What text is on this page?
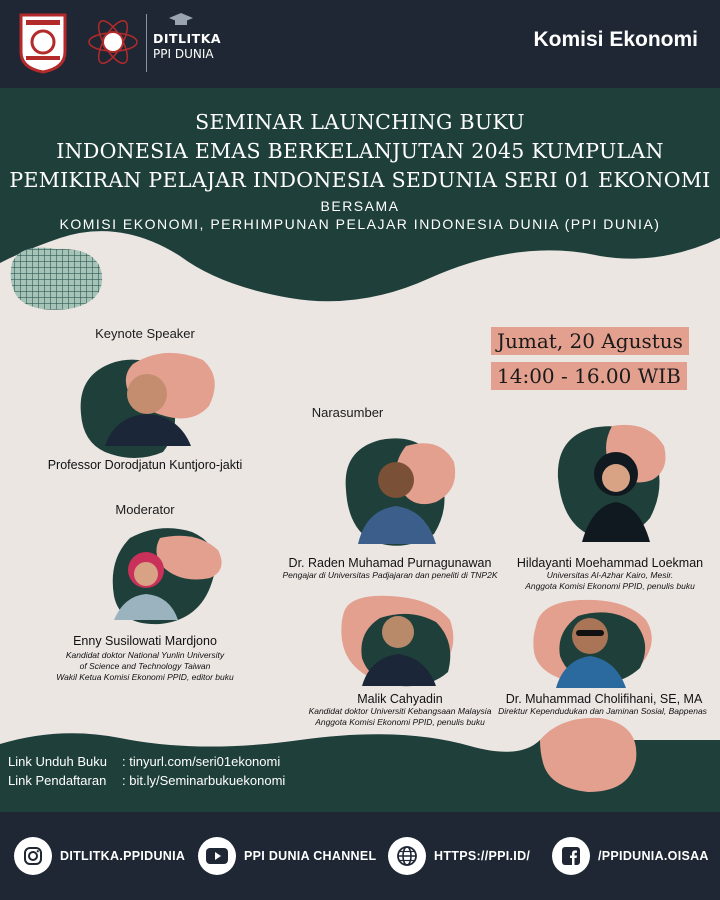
DITLITKA
PPI DUNIA
Komisi Ekonomi
SEMINAR LAUNCHING BUKU
INDONESIA EMAS BERKELANJUTAN 2045 KUMPULAN
PEMIKIRAN PELAJAR INDONESIA SEDUNIA SERI 01 EKONOMI
BERSAMA
KOMISI EKONOMI, PERHIMPUNAN PELAJAR INDONESIA DUNIA (PPI DUNIA)
Jumat, 20 Agustus
14:00 - 16.00 WIB
Keynote Speaker
Professor Dorodjatun Kuntjoro-jakti
Moderator
Enny Susilowati Mardjono
Kandidat doktor National Yunlin University
of Science and Technology Taiwan
Wakil Ketua Komisi Ekonomi PPID, editor buku
Narasumber
Dr. Raden Muhamad Purnagunawan
Pengajar di Universitas Padjajaran dan peneliti di TNP2K
Hildayanti Moehammad Loekman
Universitas Al-Azhar Kairo, Mesir.
Anggota Komisi Ekonomi PPID, penulis buku
Malik Cahyadin
Kandidat doktor Universiti Kebangsaan Malaysia
Anggota Komisi Ekonomi PPID, penulis buku
Dr. Muhammad Cholifihani, SE, MA
Direktur Kependudukan dan Jaminan Sosial, Bappenas
Link Unduh Buku : tinyurl.com/seri01ekonomi
Link Pendaftaran : bit.ly/Seminarbukuekonomi
DITLITKA.PPIDUNIA	PPI DUNIA CHANNEL	HTTPS://PPI.ID/	/PPIDUNIA.OISAA
